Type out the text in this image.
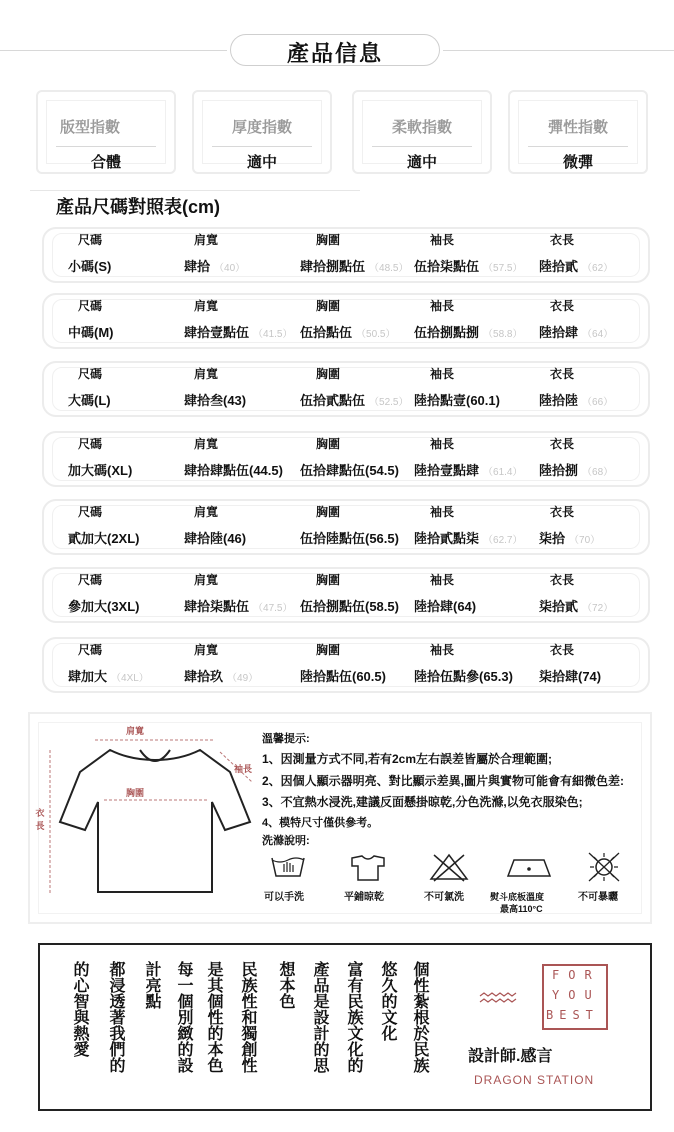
產品信息
版型指數
合體
厚度指數
適中
柔軟指數
適中
彈性指數
微彈
產品尺碼對照表(cm)
尺碼	肩寬	胸圍	袖長	衣長
小碼(S)	肆拾 （40）	肆拾捌點伍 （48.5） 伍拾柒點伍 （57.5） 陸拾貳 （62）
尺碼	肩寬	胸圍	袖長	衣長
中碼(M)	肆拾壹點伍 （41.5） 伍拾點伍 （50.5） 伍拾捌點捌 （58.8） 陸拾肆 （64）
尺碼	肩寬	胸圍	袖長	衣長
大碼(L)	肆拾叁(43)	伍拾貳點伍 （52.5） 陸拾點壹(60.1)	陸拾陸 （66）
尺碼	肩寬	胸圍	袖長	衣長
加大碼(XL)	肆拾肆點伍(44.5) 伍拾肆點伍(54.5) 陸拾壹點肆 （61.4） 陸拾捌 （68）
尺碼	肩寬	胸圍	袖長	衣長
貳加大(2XL)	肆拾陸(46)	伍拾陸點伍(56.5) 陸拾貳點柒 （62.7） 柒拾 （70）
尺碼	肩寬	胸圍	袖長	衣長
參加大(3XL)	肆拾柒點伍 （47.5） 伍拾捌點伍(58.5) 陸拾肆(64)	柒拾貳 （72）
尺碼	肩寬	胸圍	袖長	衣長
肆加大 （4XL）	肆拾玖 （49）	陸拾點伍(60.5) 陸拾伍點參(65.3) 柒拾肆(74)
肩寬
胸圍
袖長
衣長
溫馨提示:
1、因測量方式不同,若有2cm左右誤差皆屬於合理範圍;
2、因個人顯示器明亮、對比顯示差異,圖片與實物可能會有細微色差:
3、不宜熱水浸洗,建議反面懸掛晾乾,分色洗滌,以免衣服染色;
4、模特尺寸僅供參考。
洗滌說明:
可以手洗	平鋪晾乾	不可氯洗	熨斗底板溫度
最高110°C
不可暴曬
個性紮根於民族
悠久的文化
富有民族文化的
產品是設計的思
想本色
民族性和獨創性
是其個性的本色
每一個別緻的設
計亮點
都浸透著我們的
的心智與熱愛	設計師.感言
DRAGON STATION
FOR
YOU
BEST
